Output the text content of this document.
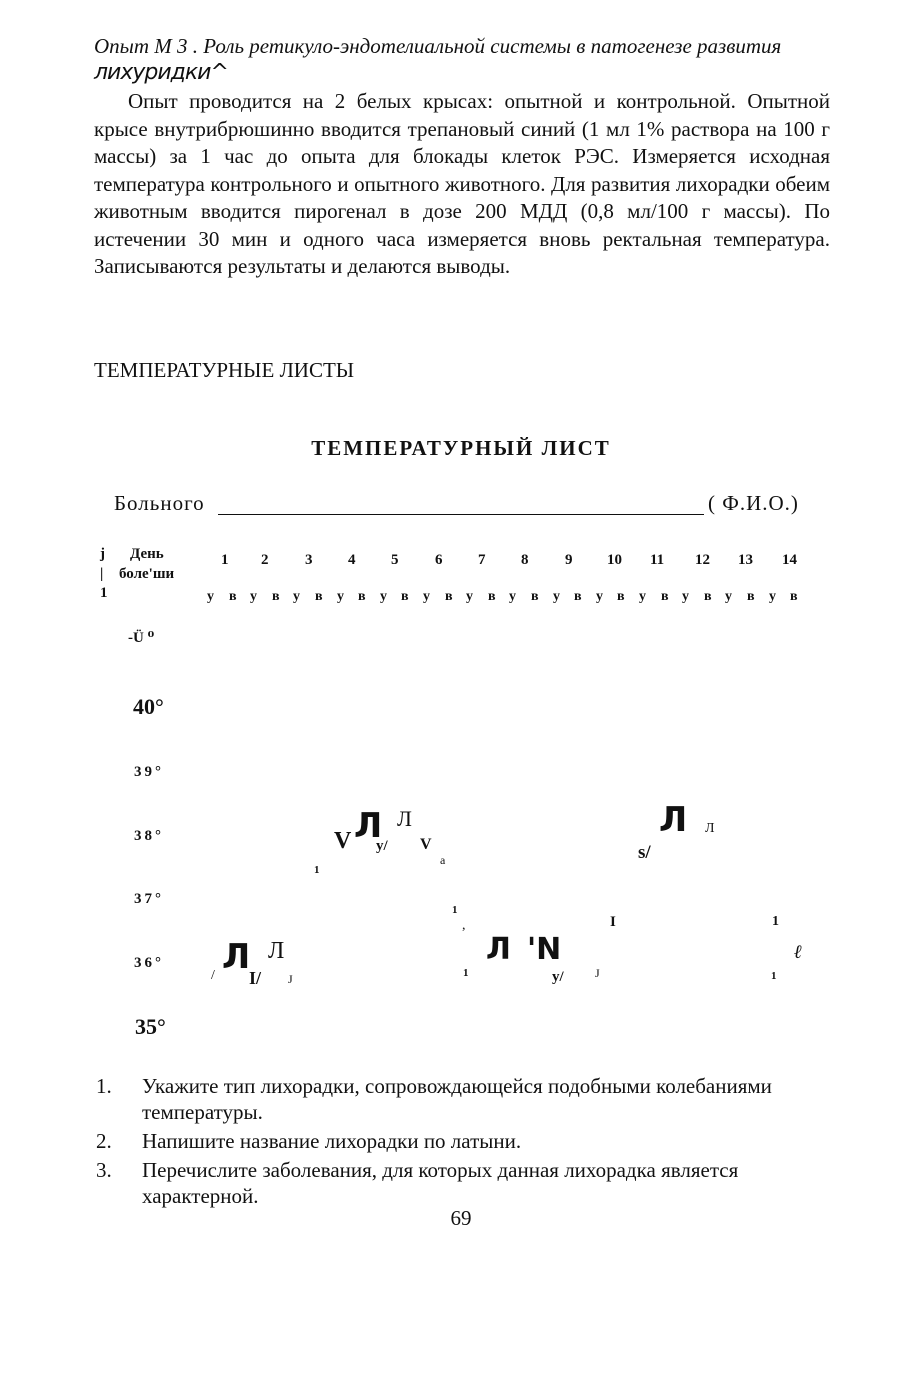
Опыт М 3 . Роль ретикуло-эндотелиальной системы в патогенезе развития
лихуридки^

Опыт проводится на 2 белых крысах: опытной и контрольной. Опытной крысе внутрибрюшинно вводится трепановый синий (1 мл 1% раствора на 100 г массы) за 1 час до опыта для блокады клеток РЭС. Измеряется исходная температура контрольного и опытного животного. Для развития лихорадки обеим животным вводится пирогенал в дозе 200 МДД (0,8 мл/100 г массы). По истечении 30 мин и одного часа измеряется вновь ректальная температура. Записываются результаты и делаются выводы.

ТЕМПЕРАТУРНЫЕ ЛИСТЫ
ТЕМПЕРАТУРНЫЙ ЛИСТ
Больного	( Ф.И.О.)
j
|
1
День
боле'ши
1 2 3 4 5 6 7 8 9 10 11 12 13 14
у в у в у в у в у в у в у в у в у в у в у в у в у в у в
-Ü ⁰
40°
39°
38°
37°
36°
35°
Л Л
V у/ V
а
1
Л Л
s/
1
,	I	1
Л Л
/ I/ J
Л 'N
1	у/	J
ℓ
1
1. Укажите тип лихорадки, сопровождающейся подобными колебаниями температуры.
2. Напишите название лихорадки по латыни.
3. Перечислите заболевания, для которых данная лихорадка является характерной.
69
